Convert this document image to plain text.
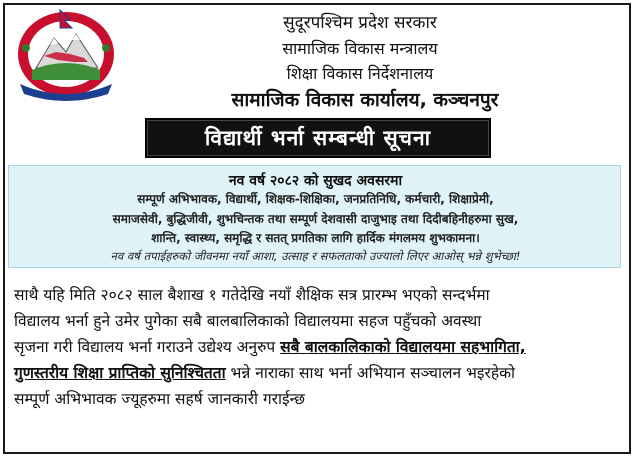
सुदूरपश्चिम प्रदेश सरकार
सामाजिक विकास मन्त्रालय
शिक्षा विकास निर्देशनालय
सामाजिक विकास कार्यालय, कञ्चनपुर
विद्यार्थी भर्ना सम्बन्धी सूचना
नव वर्ष २०८२ को सुखद अवसरमा
सम्पूर्ण अभिभावक, विद्यार्थी, शिक्षक-शिक्षिका, जनप्रतिनिधि, कर्मचारी, शिक्षाप्रेमी,
समाजसेवी, बुद्धिजीवी, शुभचिन्तक तथा सम्पूर्ण देशवासी दाजुभाइ तथा दिदीबहिनीहरुमा सुख,
शान्ति, स्वास्थ्य, समृद्धि र सतत् प्रगतिका लागि हार्दिक मंगलमय शुभकामना।
नव वर्ष तपाईहरुको जीवनमा नयाँ आशा, उत्साह र सफलताको उज्यालो लिएर आओस् भन्ने शुभेच्छा!
साथै यहि मिति २०८२ साल बैशाख १ गतेदेखि नयाँ शैक्षिक सत्र प्रारम्भ भएको सन्दर्भमा
विद्यालय भर्ना हुने उमेर पुगेका सबै बालबालिकाको विद्यालयमा सहज पहुँचको अवस्था
सृजना गरी विद्यालय भर्ना गराउने उद्येश्य अनुरुप सबै बालकालिकाको विद्यालयमा सहभागिता,
गुणस्तरीय शिक्षा प्राप्तिको सुनिश्चितता भन्ने नाराका साथ भर्ना अभियान सञ्चालन भइरहेको
सम्पूर्ण अभिभावक ज्यूहरुमा सहर्ष जानकारी गराईन्छ
